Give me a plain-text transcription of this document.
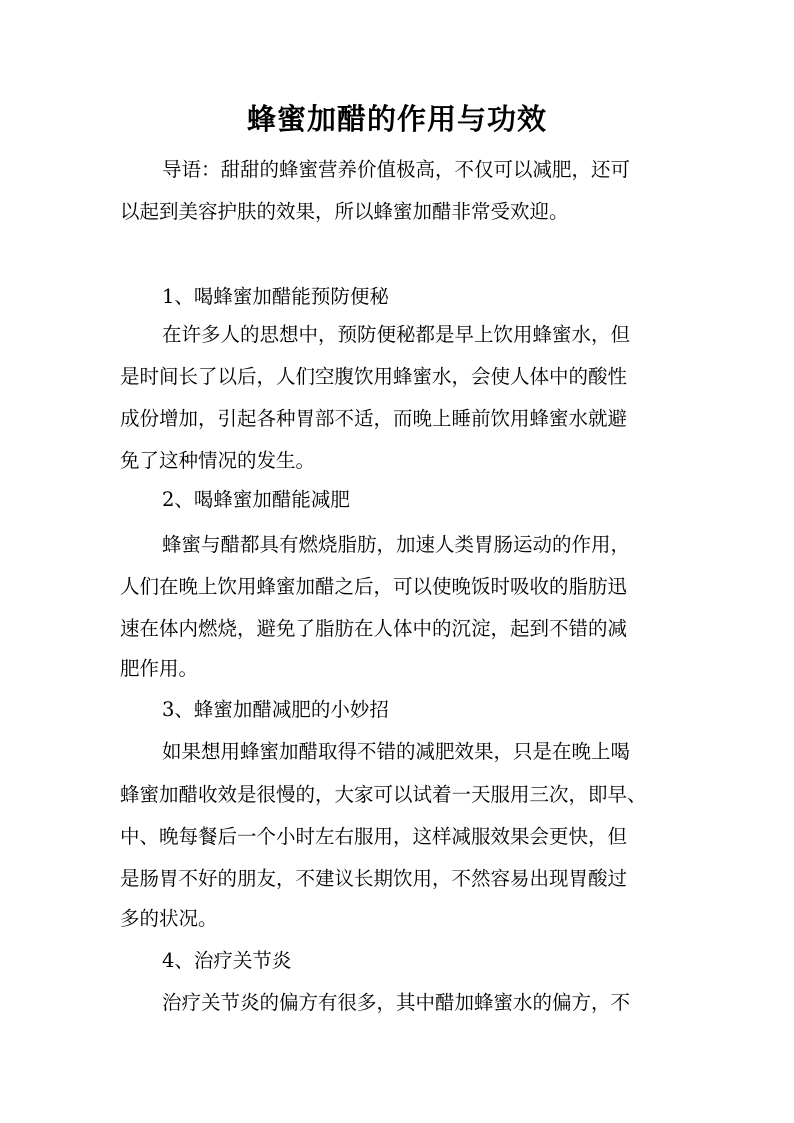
蜂蜜加醋的作用与功效
导语：甜甜的蜂蜜营养价值极高，不仅可以减肥，还可
以起到美容护肤的效果，所以蜂蜜加醋非常受欢迎。
1、喝蜂蜜加醋能预防便秘
在许多人的思想中，预防便秘都是早上饮用蜂蜜水，但
是时间长了以后，人们空腹饮用蜂蜜水，会使人体中的酸性
成份增加，引起各种胃部不适，而晚上睡前饮用蜂蜜水就避
免了这种情况的发生。
2、喝蜂蜜加醋能减肥
蜂蜜与醋都具有燃烧脂肪，加速人类胃肠运动的作用，
人们在晚上饮用蜂蜜加醋之后，可以使晚饭时吸收的脂肪迅
速在体内燃烧，避免了脂肪在人体中的沉淀，起到不错的减
肥作用。
3、蜂蜜加醋减肥的小妙招
如果想用蜂蜜加醋取得不错的减肥效果，只是在晚上喝
蜂蜜加醋收效是很慢的，大家可以试着一天服用三次，即早、
中、晚每餐后一个小时左右服用，这样减服效果会更快，但
是肠胃不好的朋友，不建议长期饮用，不然容易出现胃酸过
多的状况。
4、治疗关节炎
治疗关节炎的偏方有很多，其中醋加蜂蜜水的偏方，不
